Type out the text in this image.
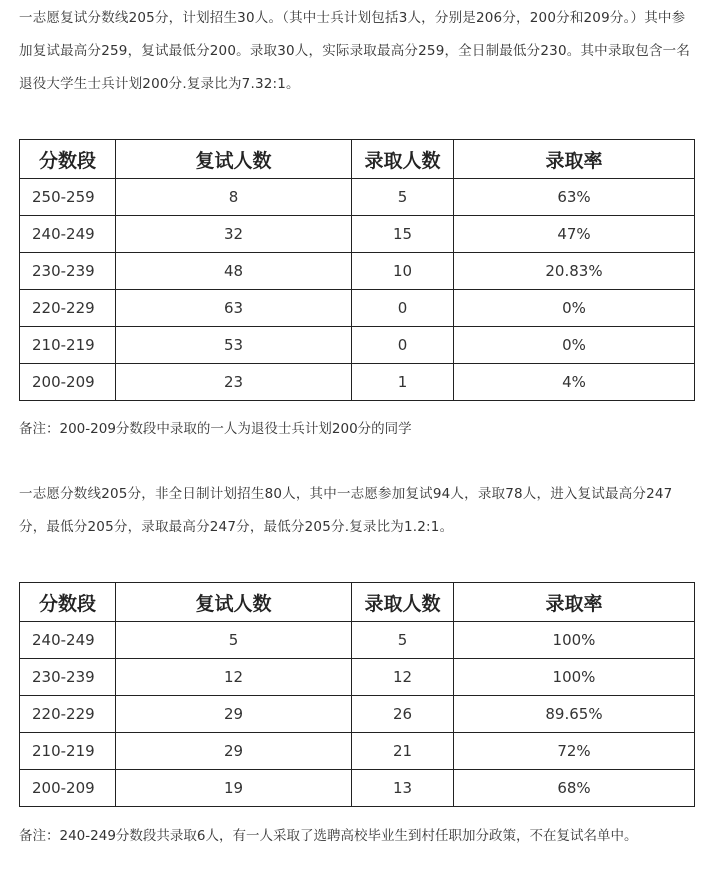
一志愿复试分数线205分，计划招生30人。（其中士兵计划包括3人，分别是206分，200分和209分。）其中参加复试最高分259，复试最低分200。录取30人，实际录取最高分259，全日制最低分230。其中录取包含一名退役大学生士兵计划200分.复录比为7.32:1。

分数段	复试人数	录取人数	录取率
250-259	8	5	63%
240-249	32	15	47%
230-239	48	10	20.83%
220-229	63	0	0%
210-219	53	0	0%
200-209	23	1	4%

备注：200-209分数段中录取的一人为退役士兵计划200分的同学

一志愿分数线205分，非全日制计划招生80人，其中一志愿参加复试94人，录取78人，进入复试最高分247分，最低分205分，录取最高分247分，最低分205分.复录比为1.2:1。

分数段	复试人数	录取人数	录取率
240-249	5	5	100%
230-239	12	12	100%
220-229	29	26	89.65%
210-219	29	21	72%
200-209	19	13	68%

备注：240-249分数段共录取6人，有一人采取了选聘高校毕业生到村任职加分政策，不在复试名单中。
